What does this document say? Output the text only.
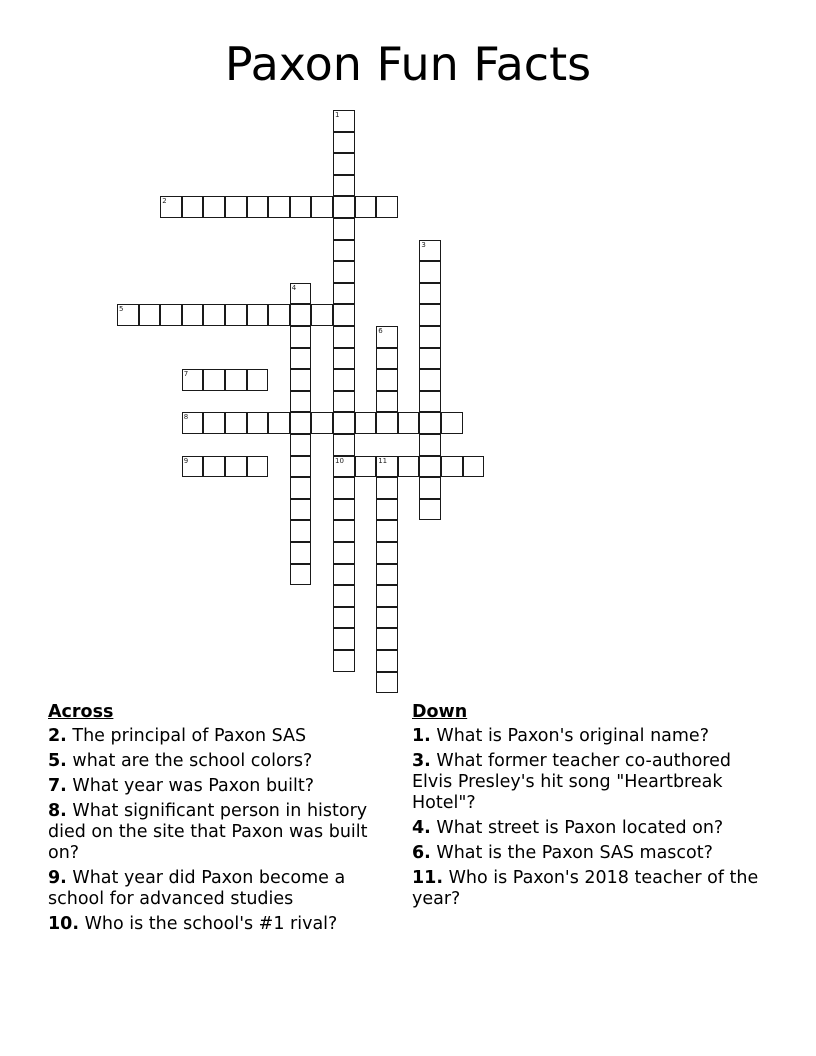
Paxon Fun Facts
1
10
2
3
4
5
6
7
8
9	11
Across
2. The principal of Paxon SAS
5. what are the school colors?
7. What year was Paxon built?
8. What significant person in history died on the site that Paxon was built on?
9. What year did Paxon become a school for advanced studies
10. Who is the school's #1 rival?
Down
1. What is Paxon's original name?
3. What former teacher co-authored Elvis Presley's hit song "Heartbreak Hotel"?
4. What street is Paxon located on?
6. What is the Paxon SAS mascot?
11. Who is Paxon's 2018 teacher of the year?
